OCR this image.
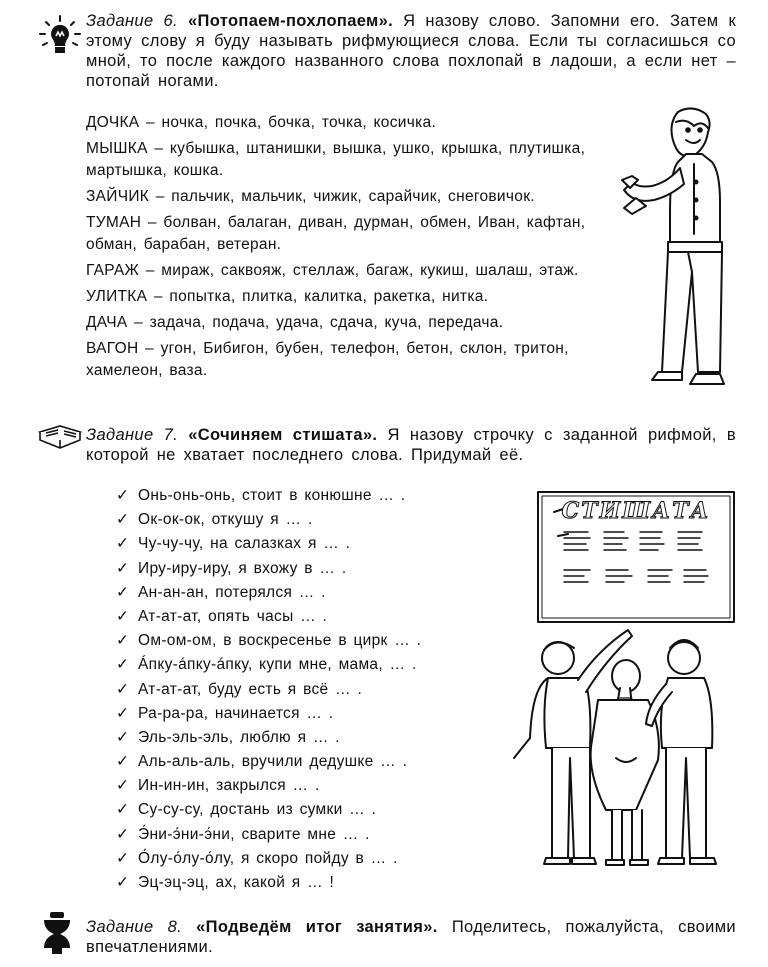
Задание 6. «Потопаем-похлопаем». Я назову слово. Запомни его. Затем к этому слову я буду называть рифмующиеся слова. Если ты согласишься со мной, то после каждого названного слова похлопай в ладоши, а если нет – потопай ногами.

ДОЧКА – ночка, почка, бочка, точка, косичка.

МЫШКА – кубышка, штанишки, вышка, ушко, крышка, плутишка, мартышка, кошка.

ЗАЙЧИК – пальчик, мальчик, чижик, сарайчик, снеговичок.

ТУМАН – болван, балаган, диван, дурман, обмен, Иван, кафтан, обман, барабан, ветеран.

ГАРАЖ – мираж, саквояж, стеллаж, багаж, кукиш, шалаш, этаж.

УЛИТКА – попытка, плитка, калитка, ракетка, нитка.

ДАЧА – задача, подача, удача, сдача, куча, передача.

ВАГОН – угон, Бибигон, бубен, телефон, бетон, склон, тритон, хамелеон, ваза.

Задание 7. «Сочиняем стишата». Я назову строчку с заданной рифмой, в которой не хватает последнего слова. Придумай её.
✓ Онь-онь-онь, стоит в конюшне … .
✓ Ок-ок-ок, откушу я … .
✓ Чу-чу-чу, на салазках я … .
✓ Иру-иру-иру, я вхожу в … .
✓ Ан-ан-ан, потерялся … .
✓ Ат-ат-ат, опять часы … .
✓ Ом-ом-ом, в воскресенье в цирк … .
✓ Áпку-áпку-áпку, купи мне, мама, … .
✓ Ат-ат-ат, буду есть я всё … .
✓ Ра-ра-ра, начинается … .
✓ Эль-эль-эль, люблю я … .
✓ Аль-аль-аль, вручили дедушке … .
✓ Ин-ин-ин, закрылся … .
✓ Су-су-су, достань из сумки … .
✓ Э́ни-э́ни-э́ни, сварите мне … .
✓ О́лу-о́лу-о́лу, я скоро пойду в … .
✓ Эц-эц-эц, ах, какой я … !
СТИШАТА
Задание 8. «Подведём итог занятия». Поделитесь, пожалуйста, своими впечатлениями.
